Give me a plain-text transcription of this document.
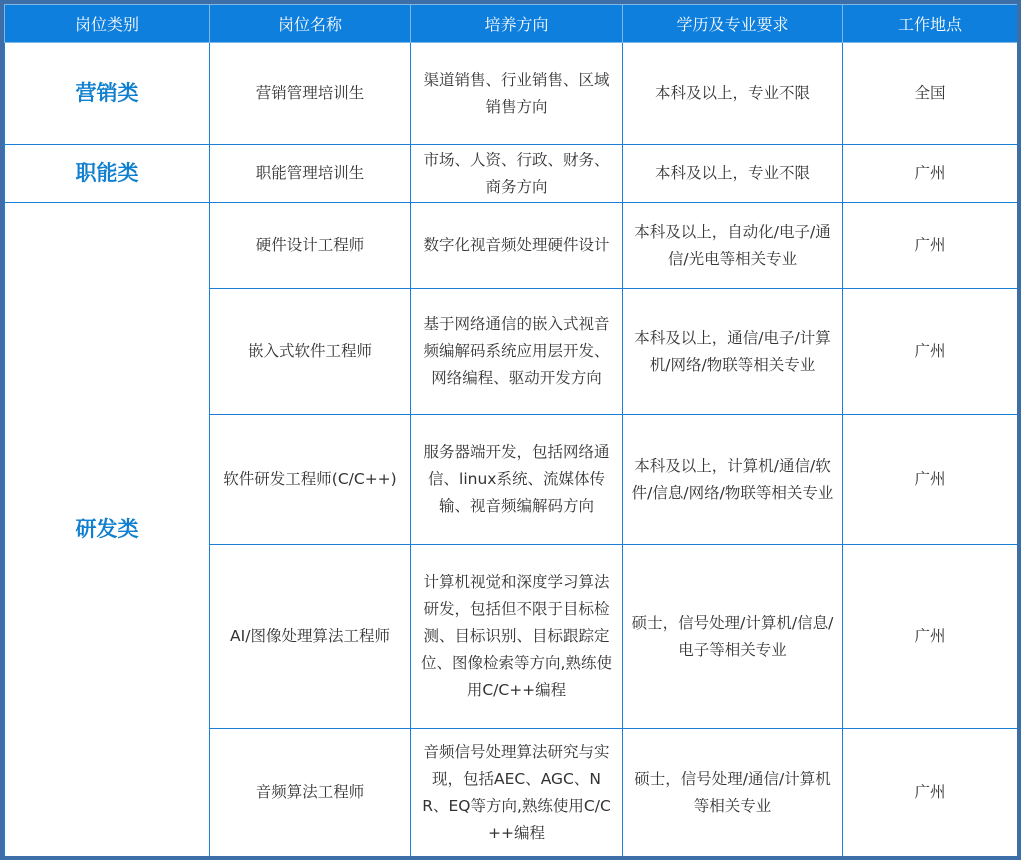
岗位类别	岗位名称	培养方向	学历及专业要求	工作地点
营销类	营销管理培训生	渠道销售、行业销售、区域销售方向	本科及以上，专业不限	全国
职能类	职能管理培训生	市场、人资、行政、财务、商务方向	本科及以上，专业不限	广州
研发类	硬件设计工程师	数字化视音频处理硬件设计	本科及以上，自动化/电子/通信/光电等相关专业	广州
	嵌入式软件工程师	基于网络通信的嵌入式视音频编解码系统应用层开发、网络编程、驱动开发方向	本科及以上，通信/电子/计算机/网络/物联等相关专业	广州
	软件研发工程师(C/C++)	服务器端开发，包括网络通信、linux系统、流媒体传输、视音频编解码方向	本科及以上，计算机/通信/软件/信息/网络/物联等相关专业	广州
	AI/图像处理算法工程师	计算机视觉和深度学习算法研发，包括但不限于目标检测、目标识别、目标跟踪定位、图像检索等方向,熟练使用C/C++编程	硕士，信号处理/计算机/信息/电子等相关专业	广州
	音频算法工程师	音频信号处理算法研究与实现，包括AEC、AGC、NR、EQ等方向,熟练使用C/C++编程	硕士，信号处理/通信/计算机等相关专业	广州
